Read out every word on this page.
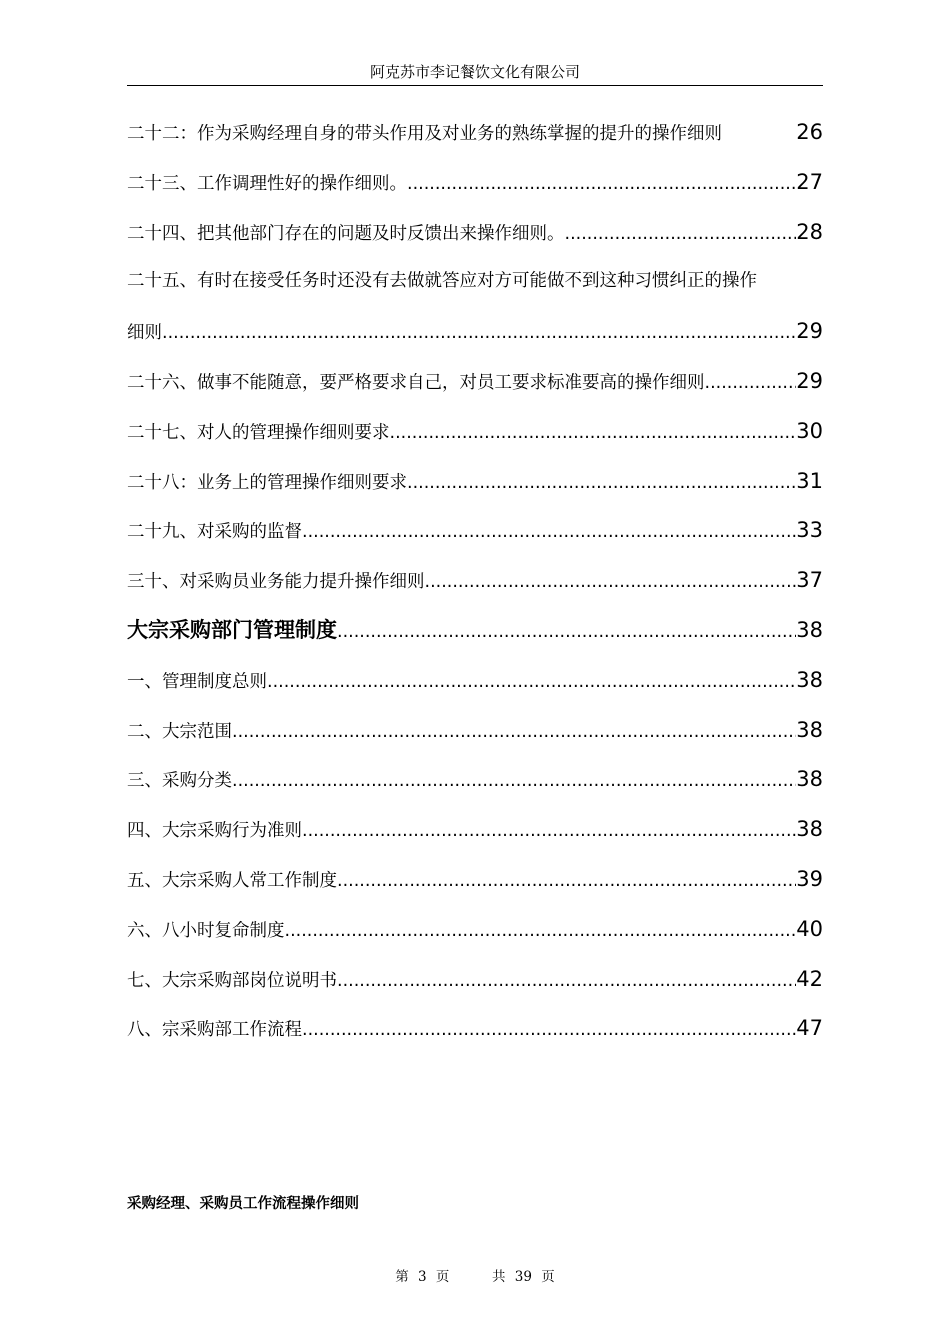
阿克苏市李记餐饮文化有限公司
二十二：作为采购经理自身的带头作用及对业务的熟练掌握的提升的操作细则	26
二十三、工作调理性好的操作细则。 .....	27
二十四、把其他部门存在的问题及时反馈出来操作细则。 .....	28
二十五、有时在接受任务时还没有去做就答应对方可能做不到这种习惯纠正的操作
细则 .....	29
二十六、做事不能随意，要严格要求自己，对员工要求标准要高的操作细则 .....	29
二十七、对人的管理操作细则要求 .....	30
二十八：业务上的管理操作细则要求 .....	31
二十九、对采购的监督 .....	33
三十、对采购员业务能力提升操作细则 .....	37
大宗采购部门管理制度 .....	38
一、管理制度总则 .....	38
二、大宗范围 .....	38
三、采购分类 .....	38
四、大宗采购行为准则 .....	38
五、大宗采购人常工作制度 .....	39
六、八小时复命制度 .....	40
七、大宗采购部岗位说明书 .....	42
八、宗采购部工作流程 .....	47
采购经理、采购员工作流程操作细则
第 3 页	共 39 页
